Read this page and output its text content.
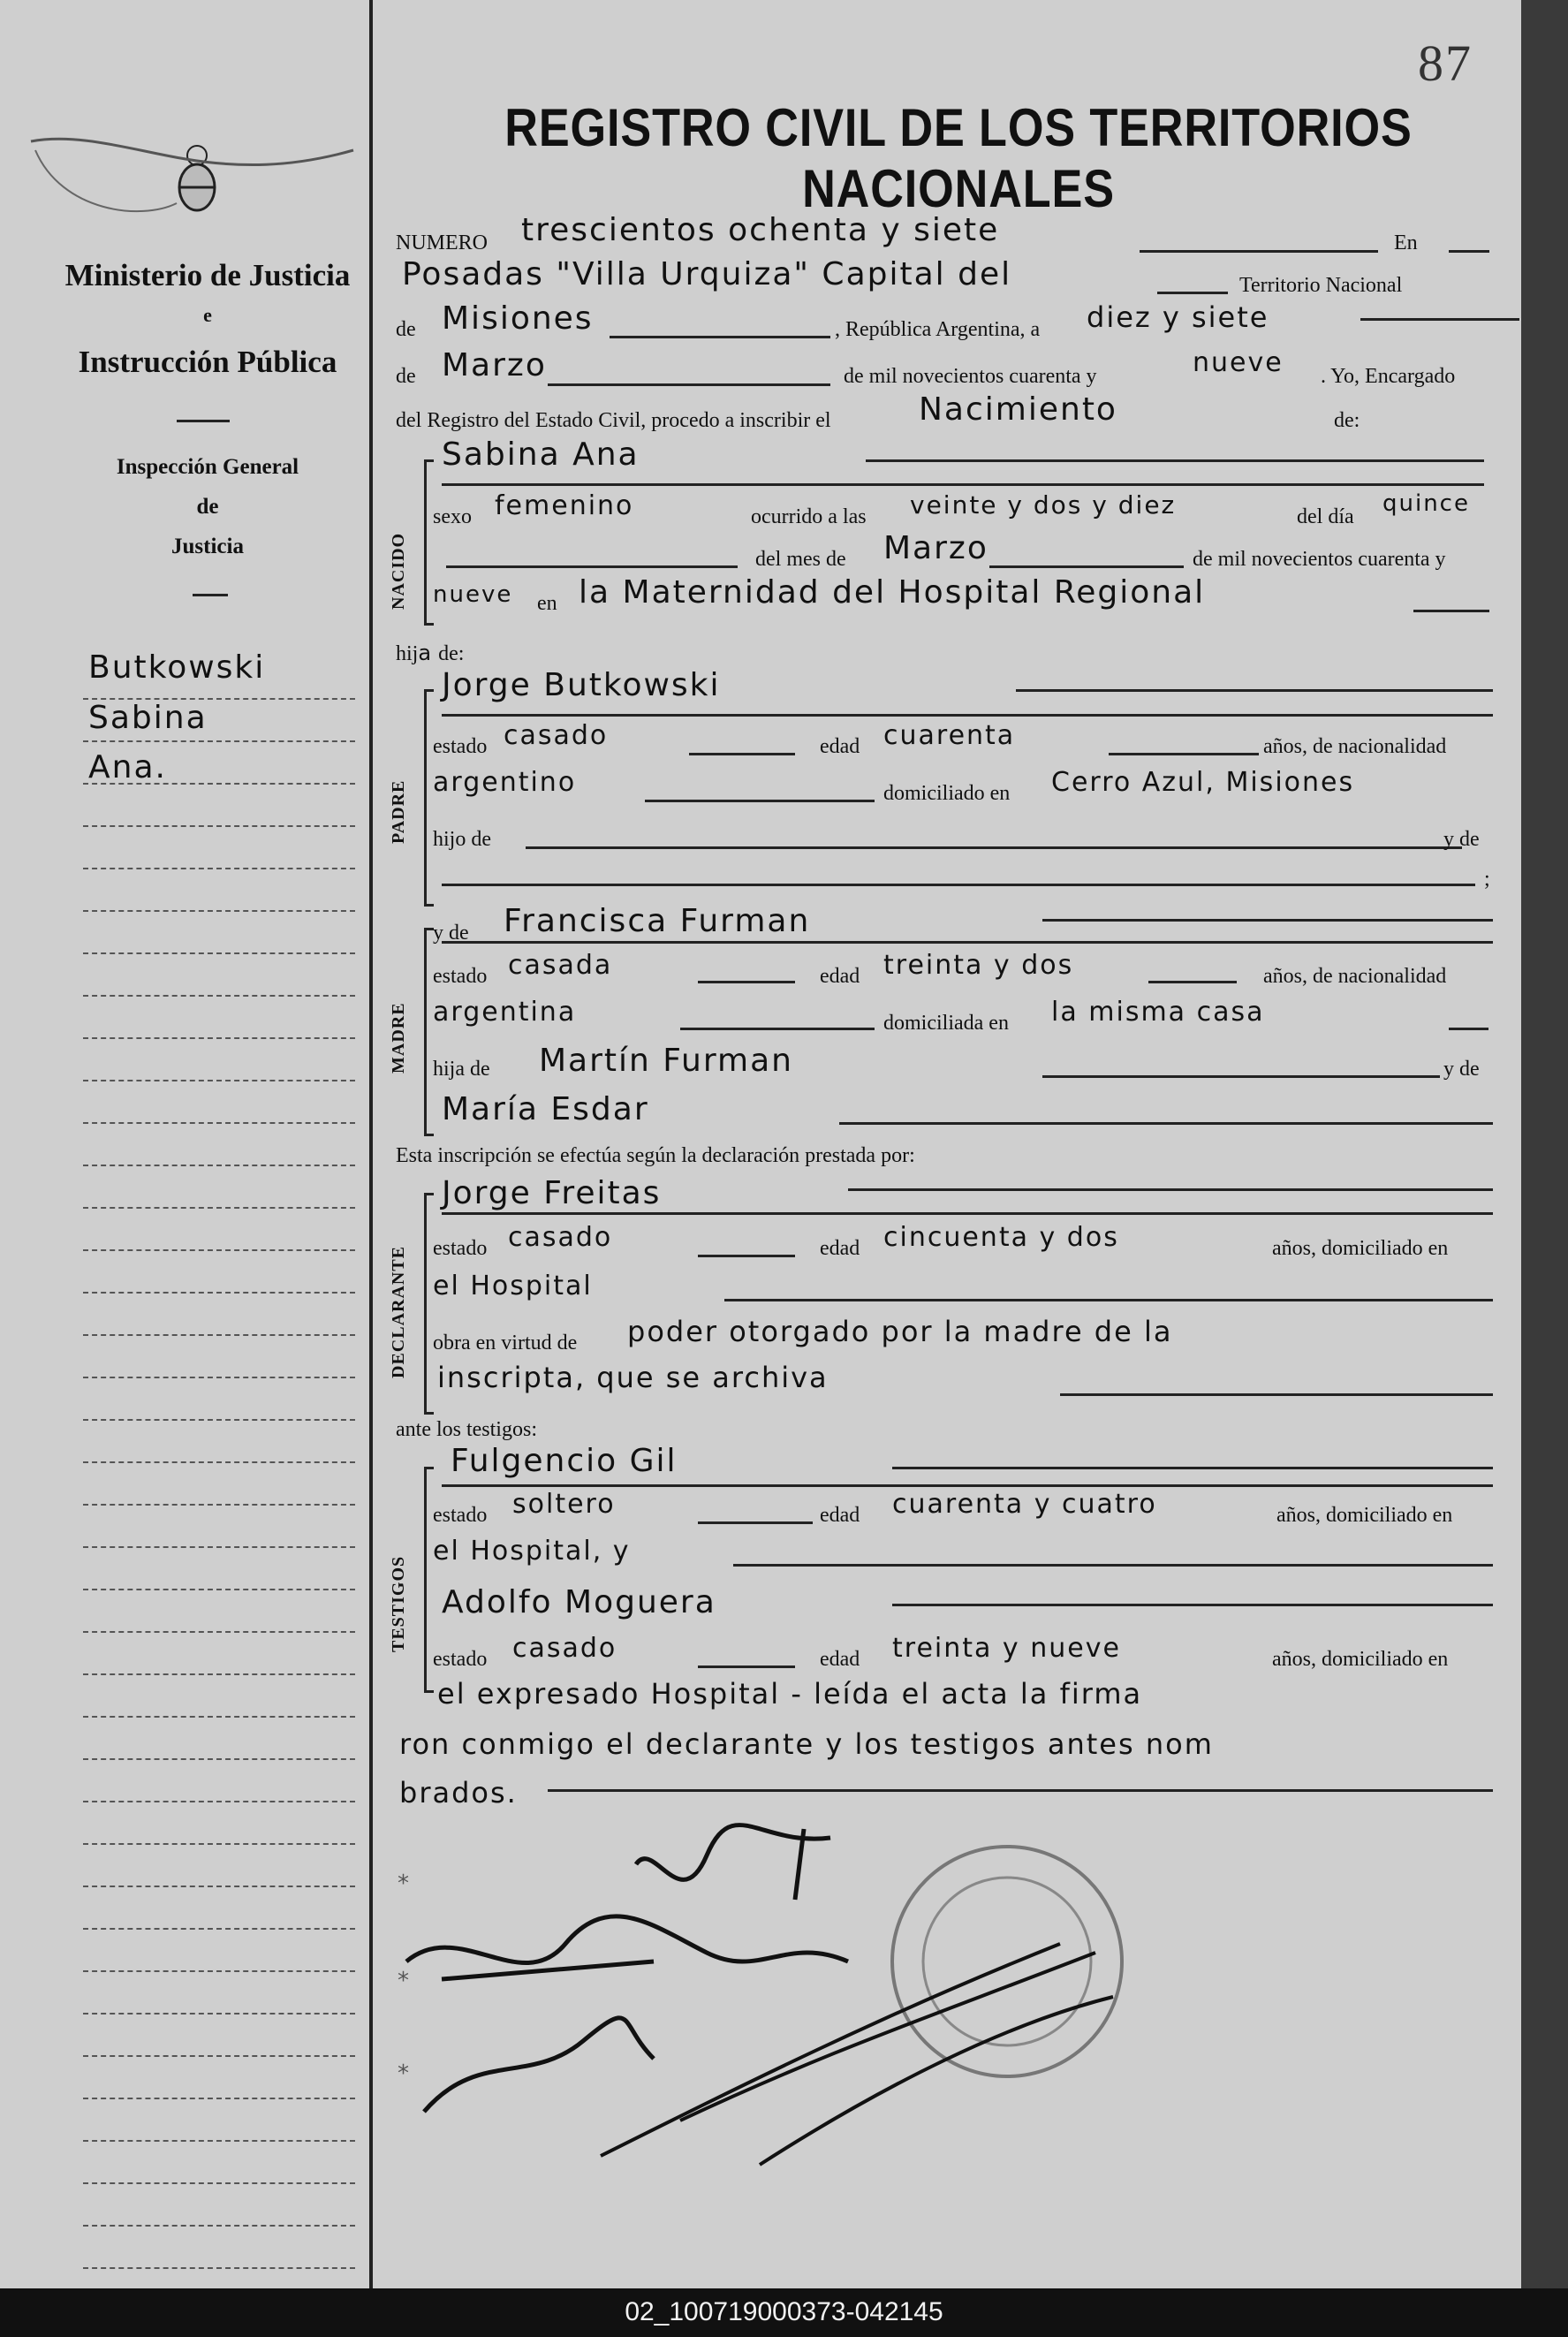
87
REGISTRO CIVIL DE LOS TERRITORIOS NACIONALES
Ministerio de Justicia
e
Instrucción Pública
Inspección General
de
Justicia
Butkowski
Sabina
Ana.
NUMERO trescientos ochenta y siete	En
Posadas "Villa Urquiza" Capital del	Territorio Nacional
de Misiones	, República Argentina, a diez y siete
de Marzo	de mil novecientos cuarenta y	nueve . Yo, Encargado
del Registro del Estado Civil, procedo a inscribir el	Nacimiento	de:
NACIDO
Sabina Ana
sexo femenino	ocurrido a las veinte y dos y diez	del día quince
del mes de Marzo	de mil novecientos cuarenta y
nueve en la Maternidad del Hospital Regional
hija de:
PADRE
Jorge Butkowski
estado casado	edad cuarenta	años, de nacionalidad
argentino	domiciliado en Cerro Azul, Misiones
hijo de	y de
;
MADRE
y de Francisca Furman
estado casada	edad treinta y dos	años, de nacionalidad
argentina	domiciliada en la misma casa
hija de Martín Furman	y de
María Esdar
Esta inscripción se efectúa según la declaración prestada por:
DECLARANTE
Jorge Freitas
estado casado	edad cincuenta y dos	años, domiciliado en
el Hospital
obra en virtud de poder otorgado por la madre de la
inscripta, que se archiva
ante los testigos:
TESTIGOS
Fulgencio Gil
estado soltero	edad cuarenta y cuatro	años, domiciliado en
el Hospital, y
Adolfo Moguera
estado casado	edad treinta y nueve	años, domiciliado en
el expresado Hospital - leída el acta la firma
ron conmigo el declarante y los testigos antes nom
brados.
*
*
*
02_100719000373-042145
